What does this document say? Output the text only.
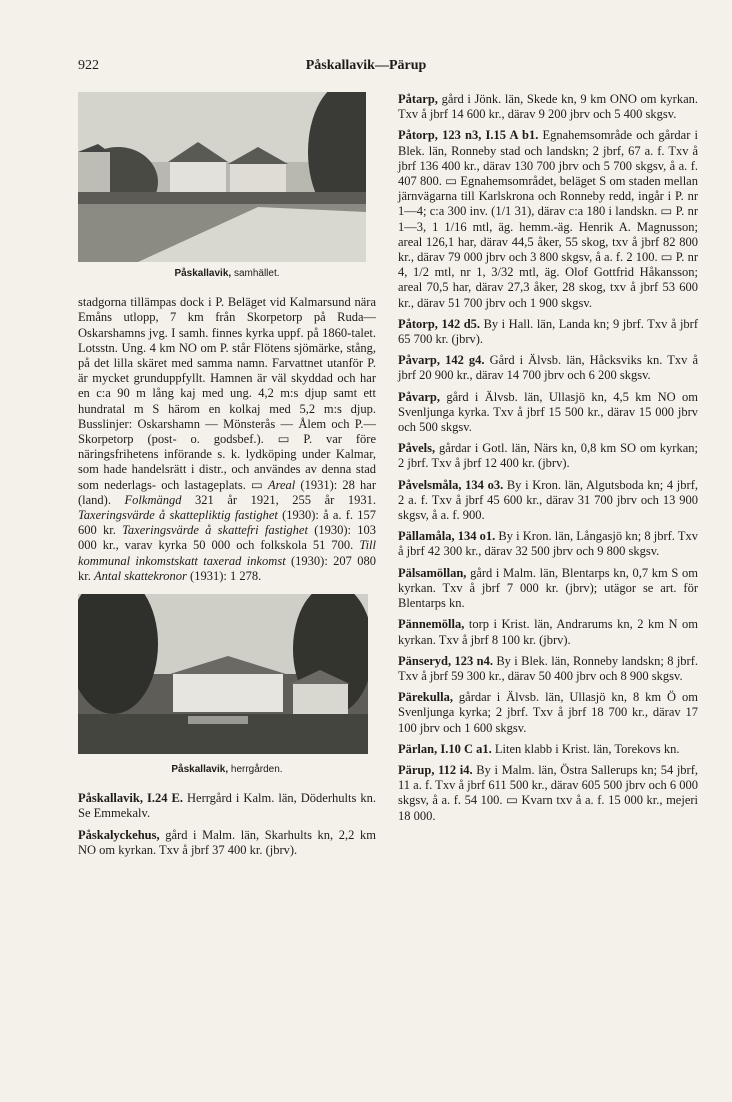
922	Påskallavik—Pärup
Påskallavik, samhället.

stadgorna tillämpas dock i P. Beläget vid Kalmarsund nära Emåns utlopp, 7 km från Skorpetorp på Ruda—Oskarshamns jvg. I samh. finnes kyrka uppf. på 1860-talet. Lotsstn. Ung. 4 km NO om P. står Flötens sjömärke, stång, på det lilla skäret med samma namn. Farvattnet utanför P. är mycket grunduppfyllt. Hamnen är väl skyddad och har en c:a 90 m lång kaj med ung. 4,2 m:s djup samt ett hundratal m S härom en kolkaj med 5,2 m:s djup. Busslinjer: Oskarshamn — Mönsterås — Ålem och P.—Skorpetorp (post- o. godsbef.). ▭ P. var före näringsfrihetens införande s. k. lydköping under Kalmar, som hade handelsrätt i distr., och användes av denna stad som nederlags- och lastageplats. ▭ Areal (1931): 28 har (land). Folkmängd 321 år 1921, 255 år 1931. Taxeringsvärde å skattepliktig fastighet (1930): å a. f. 157 600 kr. Taxeringsvärde å skattefri fastighet (1930): 103 000 kr., varav kyrka 50 000 och folkskola 51 700. Till kommunal inkomstskatt taxerad inkomst (1930): 207 080 kr. Antal skattekronor (1931): 1 278.

Påskallavik, herrgården.

Påskallavik, I.24 E. Herrgård i Kalm. län, Döderhults kn. Se Emmekalv.

Påskalyckehus, gård i Malm. län, Skarhults kn, 2,2 km NO om kyrkan. Txv å jbrf 37 400 kr. (jbrv).

Påtarp, gård i Jönk. län, Skede kn, 9 km ONO om kyrkan. Txv å jbrf 14 600 kr., därav 9 200 jbrv och 5 400 skgsv.

Påtorp, 123 n3, I.15 A b1. Egnahemsområde och gårdar i Blek. län, Ronneby stad och landskn; 2 jbrf, 67 a. f. Txv å jbrf 136 400 kr., därav 130 700 jbrv och 5 700 skgsv, å a. f. 407 800. ▭ Egnahemsområdet, beläget S om staden mellan järnvägarna till Karlskrona och Ronneby redd, ingår i P. nr 1—4; c:a 300 inv. (1/1 31), därav c:a 180 i landskn. ▭ P. nr 1—3, 1 1/16 mtl, äg. hemm.-äg. Henrik A. Magnusson; areal 126,1 har, därav 44,5 åker, 55 skog, txv å jbrf 82 800 kr., därav 79 000 jbrv och 3 800 skgsv, å a. f. 2 100. ▭ P. nr 4, 1/2 mtl, nr 1, 3/32 mtl, äg. Olof Gottfrid Håkansson; areal 70,5 har, därav 27,3 åker, 28 skog, txv å jbrf 53 600 kr., därav 51 700 jbrv och 1 900 skgsv.

Påtorp, 142 d5. By i Hall. län, Landa kn; 9 jbrf. Txv å jbrf 65 700 kr. (jbrv).

Påvarp, 142 g4. Gård i Älvsb. län, Håcksviks kn. Txv å jbrf 20 900 kr., därav 14 700 jbrv och 6 200 skgsv.

Påvarp, gård i Älvsb. län, Ullasjö kn, 4,5 km NO om Svenljunga kyrka. Txv å jbrf 15 500 kr., därav 15 000 jbrv och 500 skgsv.

Påvels, gårdar i Gotl. län, Närs kn, 0,8 km SO om kyrkan; 2 jbrf. Txv å jbrf 12 400 kr. (jbrv).

Påvelsmåla, 134 o3. By i Kron. län, Algutsboda kn; 4 jbrf, 2 a. f. Txv å jbrf 45 600 kr., därav 31 700 jbrv och 13 900 skgsv, å a. f. 900.

Pällamåla, 134 o1. By i Kron. län, Långasjö kn; 8 jbrf. Txv å jbrf 42 300 kr., därav 32 500 jbrv och 9 800 skgsv.

Pälsamöllan, gård i Malm. län, Blentarps kn, 0,7 km S om kyrkan. Txv å jbrf 7 000 kr. (jbrv); utägor se art. för Blentarps kn.

Pännemölla, torp i Krist. län, Andrarums kn, 2 km N om kyrkan. Txv å jbrf 8 100 kr. (jbrv).

Pänseryd, 123 n4. By i Blek. län, Ronneby landskn; 8 jbrf. Txv å jbrf 59 300 kr., därav 50 400 jbrv och 8 900 skgsv.

Pärekulla, gårdar i Älvsb. län, Ullasjö kn, 8 km Ö om Svenljunga kyrka; 2 jbrf. Txv å jbrf 18 700 kr., därav 17 100 jbrv och 1 600 skgsv.

Pärlan, I.10 C a1. Liten klabb i Krist. län, Torekovs kn.

Pärup, 112 i4. By i Malm. län, Östra Sallerups kn; 54 jbrf, 11 a. f. Txv å jbrf 611 500 kr., därav 605 500 jbrv och 6 000 skgsv, å a. f. 54 100. ▭ Kvarn txv å a. f. 15 000 kr., mejeri 18 000.
